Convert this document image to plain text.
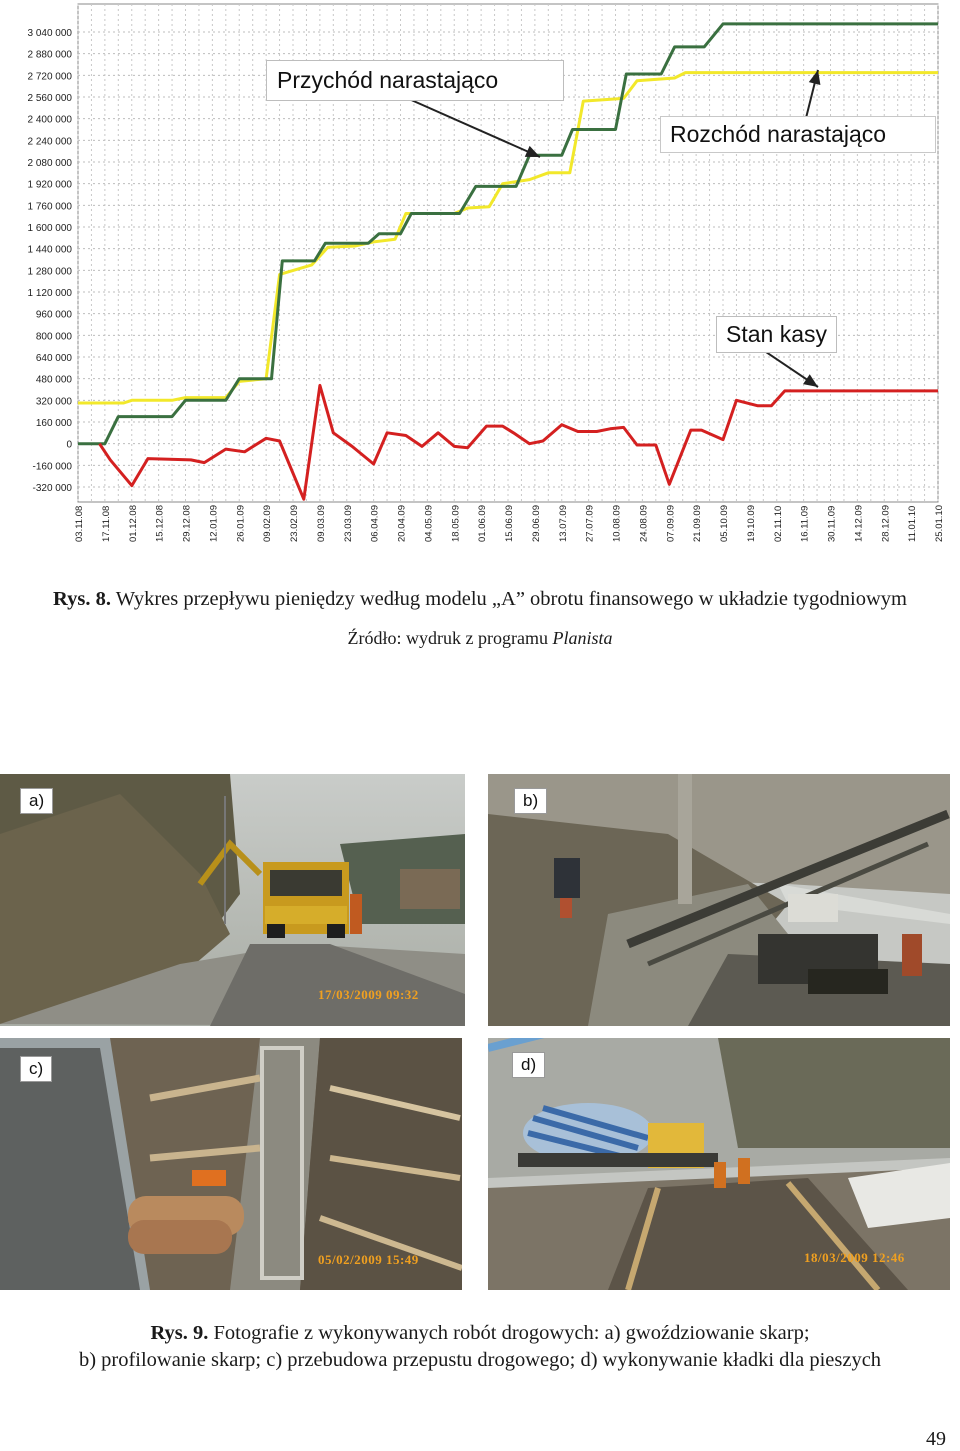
3 040 000
2 880 000
2 720 000
2 560 000
2 400 000
2 240 000
2 080 000
1 920 000
1 760 000
1 600 000
1 440 000
1 280 000
1 120 000
960 000
800 000
640 000
480 000
320 000
160 000
0
-160 000
-320 000
03.11.08 17.11.08 01.12.08 15.12.08 29.12.08 12.01.09 26.01.09 09.02.09 23.02.09 09.03.09 23.03.09 06.04.09 20.04.09 04.05.09 18.05.09 01.06.09 15.06.09 29.06.09 13.07.09 27.07.09 10.08.09 24.08.09 07.09.09 21.09.09 05.10.09 19.10.09 02.11.10 16.11.09 30.11.09 14.12.09 28.12.09 11.01.10 25.01.10
Przychód narastająco
Rozchód narastająco
Stan kasy
Rys. 8. Wykres przepływu pieniędzy według modelu „A” obrotu finansowego w układzie tygodniowym
Źródło: wydruk z programu Planista
a)
17/03/2009 09:32
b)
c)
05/02/2009 15:49
d)
18/03/2009 12:46
Rys. 9. Fotografie z wykonywanych robót drogowych: a) gwoździowanie skarp;
b) profilowanie skarp; c) przebudowa przepustu drogowego; d) wykonywanie kładki dla pieszych
49
